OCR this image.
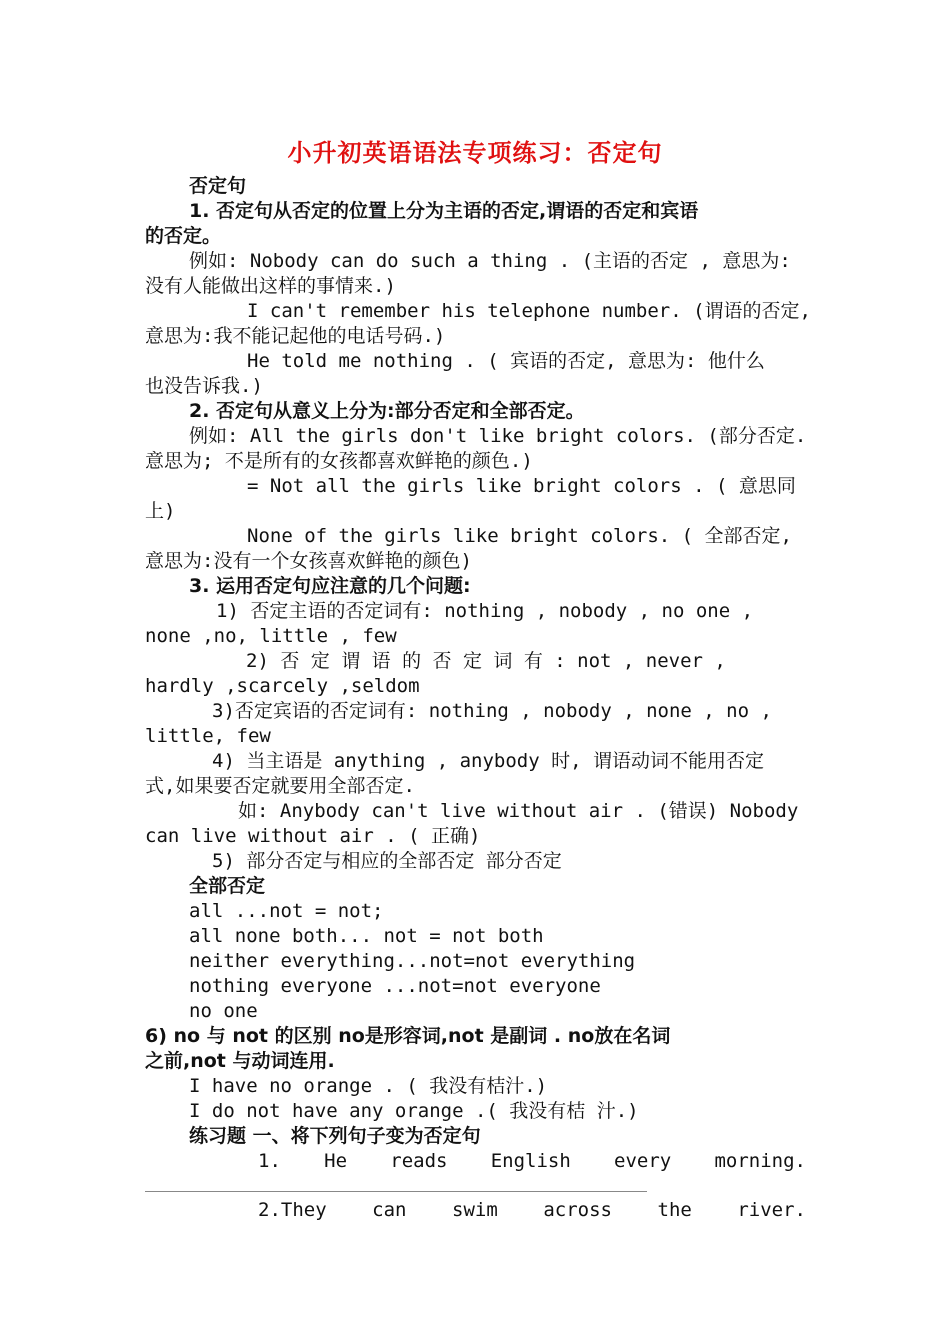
小升初英语语法专项练习：否定句
否定句
1. 否定句从否定的位置上分为主语的否定,谓语的否定和宾语
的否定。
例如: Nobody can do such a thing . (主语的否定 , 意思为:
没有人能做出这样的事情来.)
I can't remember his telephone number. (谓语的否定,
意思为:我不能记起他的电话号码.)
He told me nothing . ( 宾语的否定, 意思为: 他什么
也没告诉我.)
2. 否定句从意义上分为:部分否定和全部否定。
例如: All the girls don't like bright colors. (部分否定.
意思为; 不是所有的女孩都喜欢鲜艳的颜色.)
= Not all the girls like bright colors . ( 意思同
上)
None of the girls like bright colors. ( 全部否定,
意思为:没有一个女孩喜欢鲜艳的颜色)
3. 运用否定句应注意的几个问题:
1) 否定主语的否定词有: nothing , nobody , no one ,
none ,no, little , few
2) 否 定 谓 语 的 否 定 词 有 : not , never ,
hardly ,scarcely ,seldom
3)否定宾语的否定词有: nothing , nobody , none , no ,
little, few
4) 当主语是 anything , anybody 时, 谓语动词不能用否定
式,如果要否定就要用全部否定.
如: Anybody can't live without air . (错误) Nobody
can live without air . ( 正确)
5) 部分否定与相应的全部否定 部分否定
全部否定
all ...not = not;
all none both... not = not both
neither everything...not=not everything
nothing everyone ...not=not everyone
no one
6) no 与 not 的区别 no是形容词,not 是副词 . no放在名词
之前,not 与动词连用.
I have no orange . ( 我没有桔汁.)
I do not have any orange .( 我没有桔 汁.)
练习题 一、将下列句子变为否定句
1. He reads English every morning.
2.They can swim across the river.
